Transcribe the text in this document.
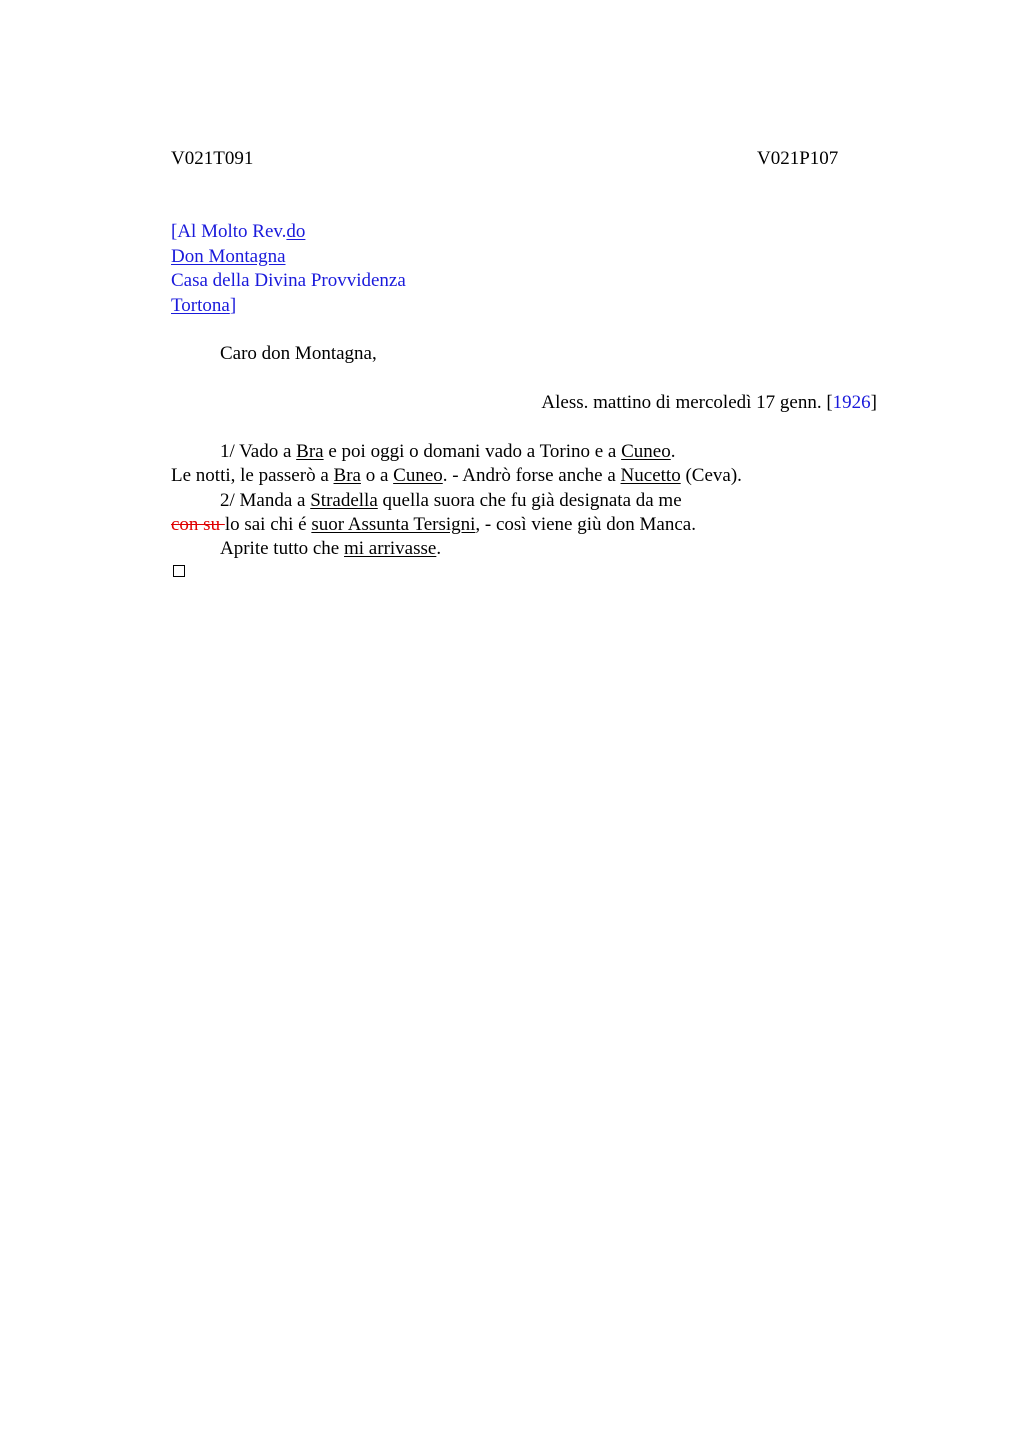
V021T091	V021P107
[Al Molto Rev.do
Don Montagna
Casa della Divina Provvidenza
Tortona]
Caro don Montagna,
Aless. mattino di mercoledì 17 genn. [1926]
1/ Vado a Bra e poi oggi o domani vado a Torino e a Cuneo.
Le notti, le passerò a Bra o a Cuneo. - Andrò forse anche a Nucetto (Ceva).
2/ Manda a Stradella quella suora che fu già designata da me
con su lo sai chi é suor Assunta Tersigni, - così viene giù don Manca.
Aprite tutto che mi arrivasse.
